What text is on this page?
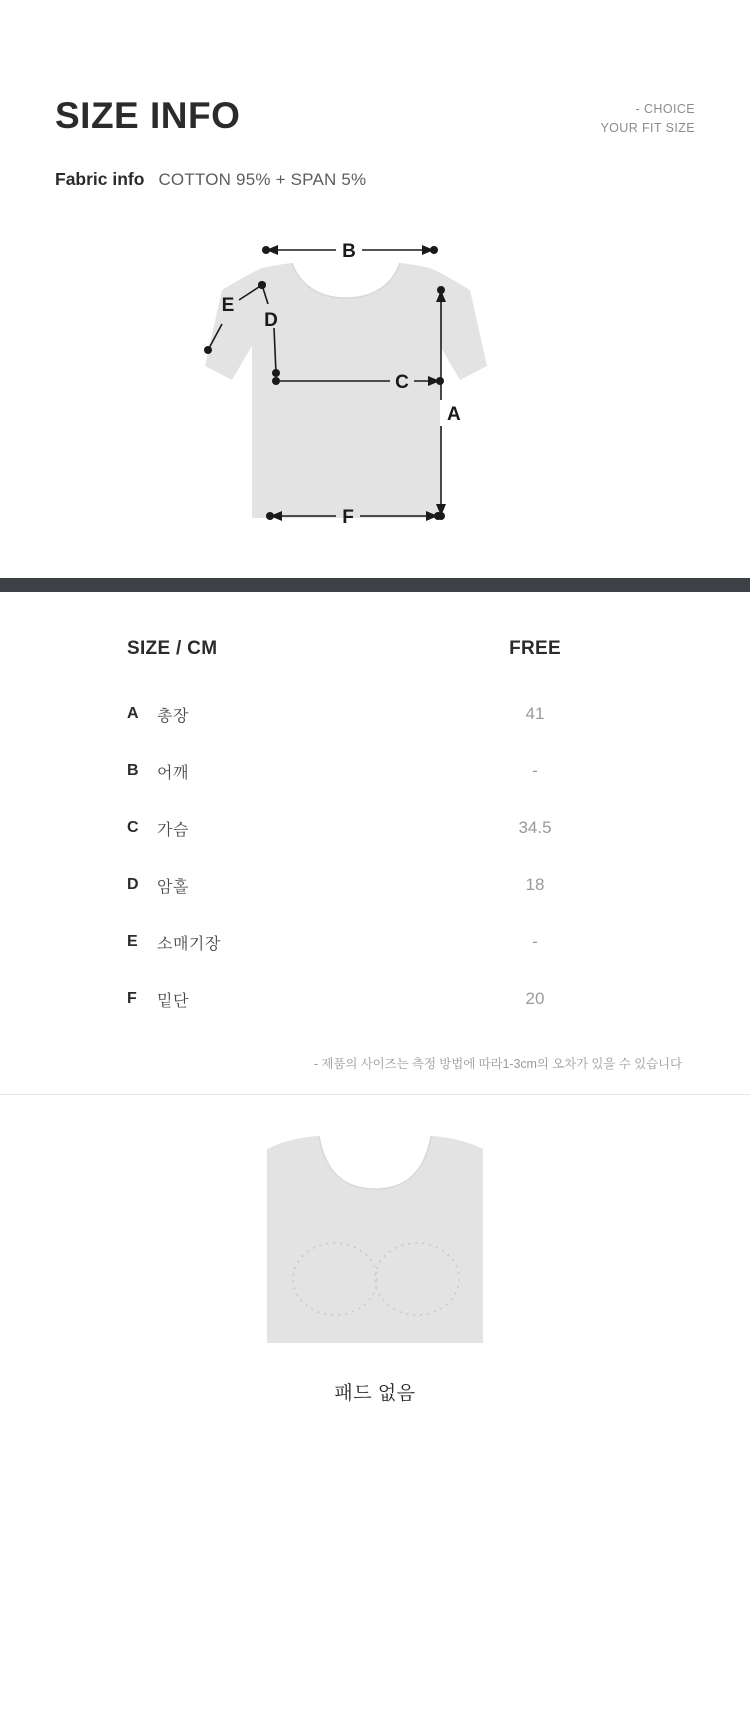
SIZE INFO	- CHOICE
YOUR FIT SIZE
Fabric info COTTON 95% + SPAN 5%
B
E
D
C
A
F
SIZE / CM		FREE
A	총장	41
B	어깨	-
C	가슴	34.5
D	암홀	18
E	소매기장	-
F	밑단	20
- 제품의 사이즈는 측정 방법에 따라1-3cm의 오차가 있을 수 있습니다
패드 없음
